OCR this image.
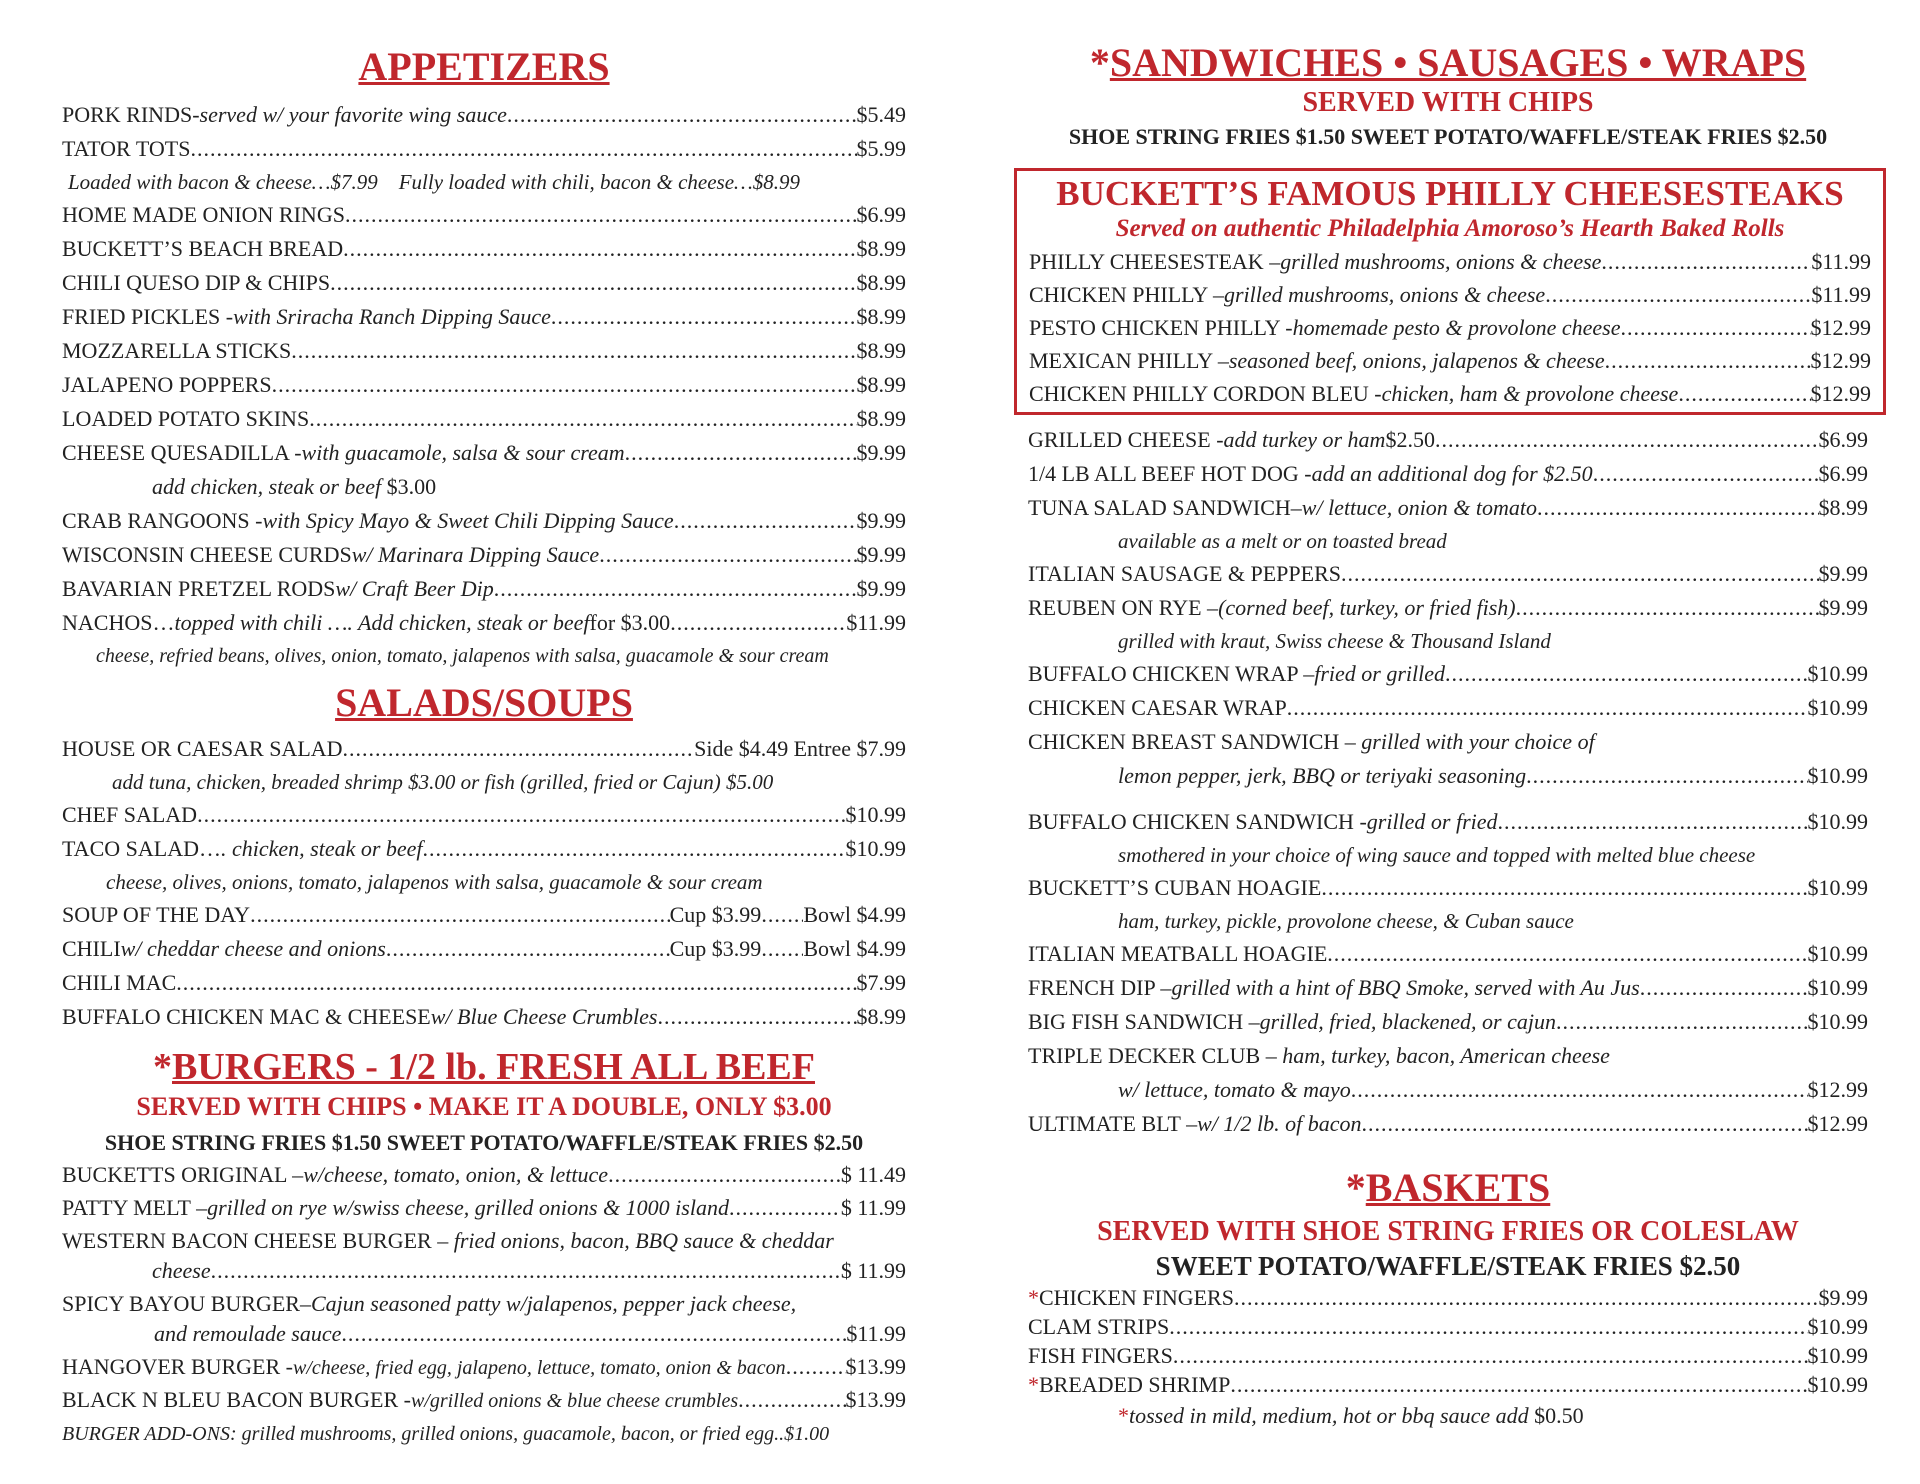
APPETIZERS
PORK RINDS- served w/ your favorite wing sauce .....	$5.49
TATOR TOTS .....	$5.99
Loaded with bacon & cheese…$7.99 Fully loaded with chili, bacon & cheese…$8.99
HOME MADE ONION RINGS .....	$6.99
BUCKETT’S BEACH BREAD .....	$8.99
CHILI QUESO DIP & CHIPS .....	$8.99
FRIED PICKLES - with Sriracha Ranch Dipping Sauce .....	$8.99
MOZZARELLA STICKS .....	$8.99
JALAPENO POPPERS .....	$8.99
LOADED POTATO SKINS .....	$8.99
CHEESE QUESADILLA - with guacamole, salsa & sour cream .....	$9.99
add chicken, steak or beef $3.00
CRAB RANGOONS - with Spicy Mayo & Sweet Chili Dipping Sauce .....	$9.99
WISCONSIN CHEESE CURDS w/ Marinara Dipping Sauce .....	$9.99
BAVARIAN PRETZEL RODS w/ Craft Beer Dip .....	$9.99
NACHOS… topped with chili …. Add chicken, steak or beef for $3.00 .....	$11.99
cheese, refried beans, olives, onion, tomato, jalapenos with salsa, guacamole & sour cream
SALADS/SOUPS
HOUSE OR CAESAR SALAD .....	Side $4.49 Entree $7.99
add tuna, chicken, breaded shrimp $3.00 or fish (grilled, fried or Cajun) $5.00
CHEF SALAD .....	$10.99
TACO SALAD… . chicken, steak or beef .....	$10.99
cheese, olives, onions, tomato, jalapenos with salsa, guacamole & sour cream
SOUP OF THE DAY .....	Cup $3.99 ..... Bowl $4.99
CHILI w/ cheddar cheese and onions .....	Cup $3.99 ..... Bowl $4.99
CHILI MAC .....	$7.99
BUFFALO CHICKEN MAC & CHEESE w/ Blue Cheese Crumbles .....	$8.99
*BURGERS - 1/2 lb. FRESH ALL BEEF
SERVED WITH CHIPS • MAKE IT A DOUBLE, ONLY $3.00
SHOE STRING FRIES $1.50 SWEET POTATO/WAFFLE/STEAK FRIES $2.50
BUCKETTS ORIGINAL – w/cheese, tomato, onion, & lettuce .....	$ 11.49
PATTY MELT – grilled on rye w/swiss cheese, grilled onions & 1000 island .....	$ 11.99
WESTERN BACON CHEESE BURGER – fried onions, bacon, BBQ sauce & cheddar
cheese .....	$ 11.99
SPICY BAYOU BURGER–Cajun seasoned patty w/jalapenos, pepper jack cheese,
and remoulade sauce .....	$11.99
HANGOVER BURGER - w/cheese, fried egg, jalapeno, lettuce, tomato, onion & bacon .....	$13.99
BLACK N BLEU BACON BURGER - w/grilled onions & blue cheese crumbles .....	$13.99
BURGER ADD-ONS: grilled mushrooms, grilled onions, guacamole, bacon, or fried egg..$1.00
*SANDWICHES • SAUSAGES • WRAPS
SERVED WITH CHIPS
SHOE STRING FRIES $1.50 SWEET POTATO/WAFFLE/STEAK FRIES $2.50
BUCKETT’S FAMOUS PHILLY CHEESESTEAKS
Served on authentic Philadelphia Amoroso’s Hearth Baked Rolls
PHILLY CHEESESTEAK – grilled mushrooms, onions & cheese .....	$11.99
CHICKEN PHILLY – grilled mushrooms, onions & cheese .....	$11.99
PESTO CHICKEN PHILLY - homemade pesto & provolone cheese .....	$12.99
MEXICAN PHILLY – seasoned beef, onions, jalapenos & cheese .....	$12.99
CHICKEN PHILLY CORDON BLEU - chicken, ham & provolone cheese .....	$12.99
GRILLED CHEESE - add turkey or ham $2.50 .....	$6.99
1/4 LB ALL BEEF HOT DOG - add an additional dog for $2.50 .....	$6.99
TUNA SALAD SANDWICH– w/ lettuce, onion & tomato .....	$8.99
available as a melt or on toasted bread
ITALIAN SAUSAGE & PEPPERS .....	$9.99
REUBEN ON RYE – (corned beef, turkey, or fried fish) .....	$9.99
grilled with kraut, Swiss cheese & Thousand Island
BUFFALO CHICKEN WRAP – fried or grilled .....	$10.99
CHICKEN CAESAR WRAP .....	$10.99
CHICKEN BREAST SANDWICH – grilled with your choice of
lemon pepper, jerk, BBQ or teriyaki seasoning .....	$10.99
BUFFALO CHICKEN SANDWICH - grilled or fried .....	$10.99
smothered in your choice of wing sauce and topped with melted blue cheese
BUCKETT’S CUBAN HOAGIE .....	$10.99
ham, turkey, pickle, provolone cheese, & Cuban sauce
ITALIAN MEATBALL HOAGIE .....	$10.99
FRENCH DIP – grilled with a hint of BBQ Smoke, served with Au Jus .....	$10.99
BIG FISH SANDWICH – grilled, fried, blackened, or cajun .....	$10.99
TRIPLE DECKER CLUB – ham, turkey, bacon, American cheese
w/ lettuce, tomato & mayo .....	$12.99
ULTIMATE BLT – w/ 1/2 lb. of bacon .....	$12.99
*BASKETS
SERVED WITH SHOE STRING FRIES OR COLESLAW
SWEET POTATO/WAFFLE/STEAK FRIES $2.50
* CHICKEN FINGERS .....	$9.99
CLAM STRIPS .....	$10.99
FISH FINGERS .....	$10.99
* BREADED SHRIMP .....	$10.99
*tossed in mild, medium, hot or bbq sauce add $0.50
